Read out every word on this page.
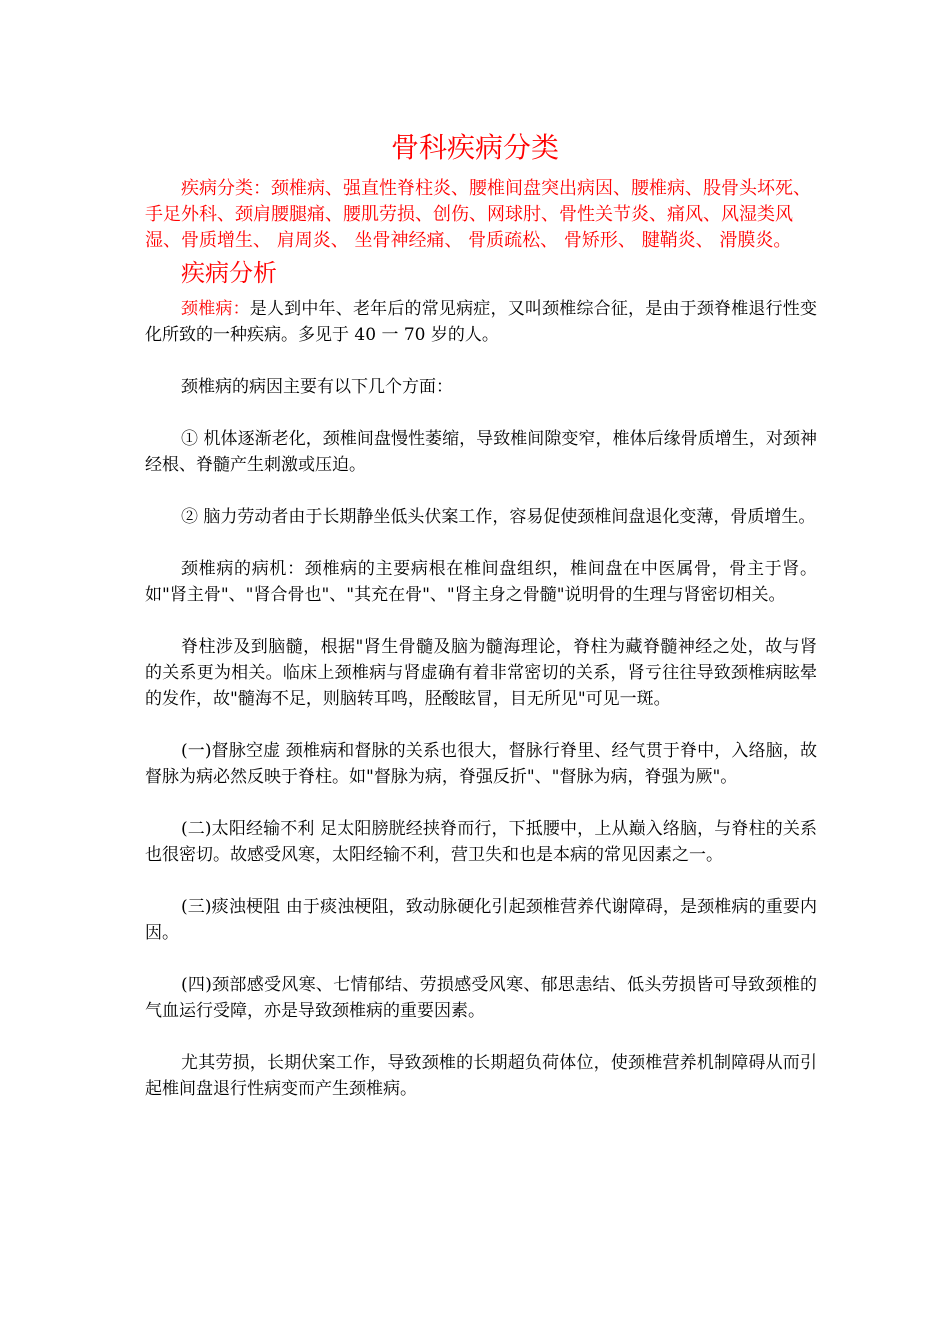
骨科疾病分类

疾病分类：颈椎病、强直性脊柱炎、腰椎间盘突出病因、腰椎病、股骨头坏死、手足外科、颈肩腰腿痛、腰肌劳损、创伤、网球肘、骨性关节炎、痛风、风湿类风湿、骨质增生、 肩周炎、 坐骨神经痛、 骨质疏松、 骨矫形、 腱鞘炎、 滑膜炎。

疾病分析

颈椎病：是人到中年、老年后的常见病症，又叫颈椎综合征，是由于颈脊椎退行性变化所致的一种疾病。多见于 40 一 70 岁的人。

颈椎病的病因主要有以下几个方面：

① 机体逐渐老化，颈椎间盘慢性萎缩，导致椎间隙变窄，椎体后缘骨质增生，对颈神经根、脊髓产生刺激或压迫。

② 脑力劳动者由于长期静坐低头伏案工作，容易促使颈椎间盘退化变薄，骨质增生。

颈椎病的病机：颈椎病的主要病根在椎间盘组织，椎间盘在中医属骨，骨主于肾。如"肾主骨"、"肾合骨也"、"其充在骨"、"肾主身之骨髓"说明骨的生理与肾密切相关。

脊柱涉及到脑髓，根据"肾生骨髓及脑为髓海理论，脊柱为藏脊髓神经之处，故与肾的关系更为相关。临床上颈椎病与肾虚确有着非常密切的关系，肾亏往往导致颈椎病眩晕的发作，故"髓海不足，则脑转耳鸣，胫酸眩冒，目无所见"可见一斑。

(一)督脉空虚 颈椎病和督脉的关系也很大，督脉行脊里、经气贯于脊中，入络脑，故督脉为病必然反映于脊柱。如"督脉为病，脊强反折"、"督脉为病，脊强为厥"。

(二)太阳经输不利 足太阳膀胱经挟脊而行，下抵腰中，上从巅入络脑，与脊柱的关系也很密切。故感受风寒，太阳经输不利，营卫失和也是本病的常见因素之一。

(三)痰浊梗阻 由于痰浊梗阻，致动脉硬化引起颈椎营养代谢障碍，是颈椎病的重要内因。

(四)颈部感受风寒、七情郁结、劳损感受风寒、郁思恚结、低头劳损皆可导致颈椎的气血运行受障，亦是导致颈椎病的重要因素。

尤其劳损，长期伏案工作，导致颈椎的长期超负荷体位，使颈椎营养机制障碍从而引起椎间盘退行性病变而产生颈椎病。
